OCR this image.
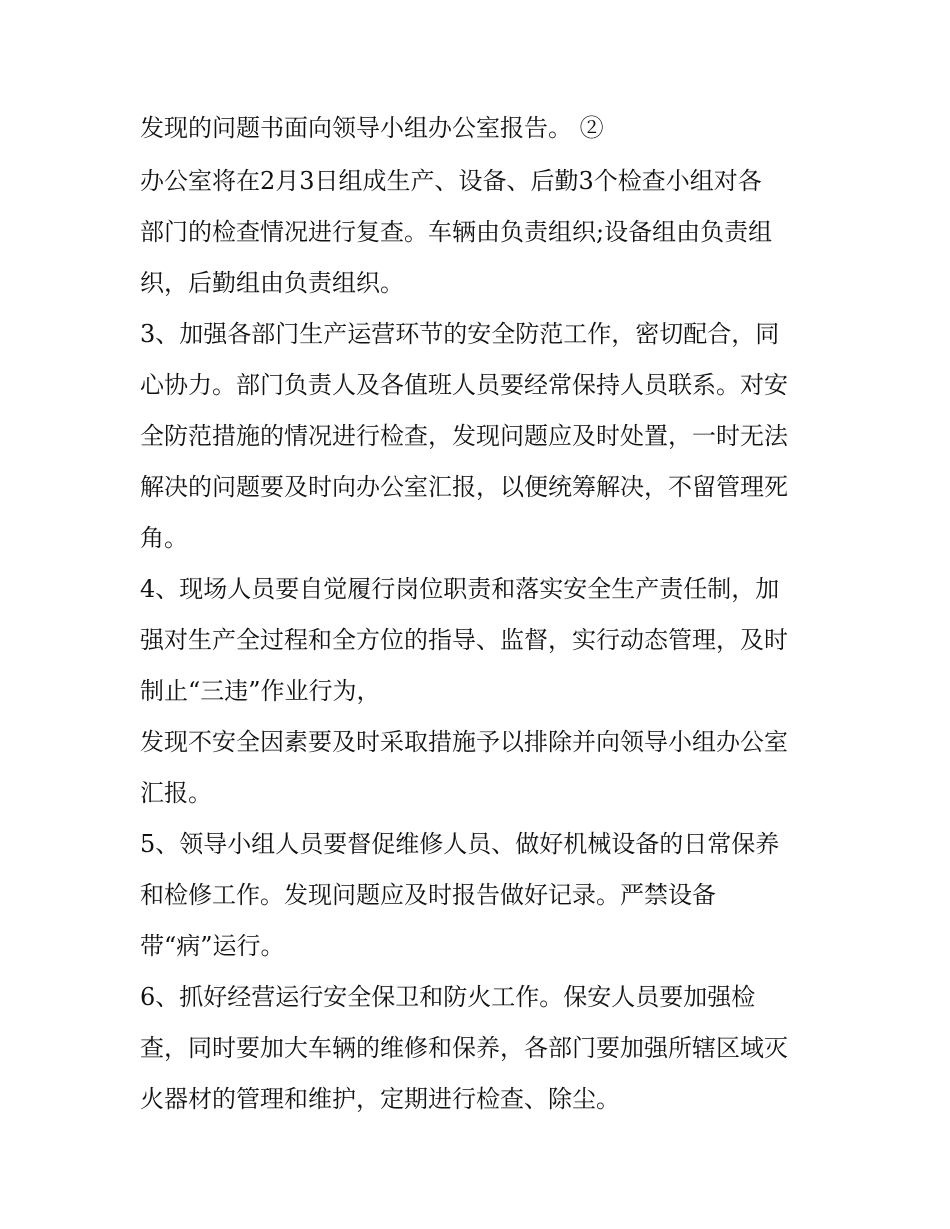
发现的问题书面向领导小组办公室报告。 ②
办公室将在2月3日组成生产、设备、后勤3个检查小组对各
部门的检查情况进行复查。车辆由负责组织;设备组由负责组
织，后勤组由负责组织。
3、加强各部门生产运营环节的安全防范工作，密切配合，同
心协力。部门负责人及各值班人员要经常保持人员联系。对安
全防范措施的情况进行检查，发现问题应及时处置，一时无法
解决的问题要及时向办公室汇报，以便统筹解决，不留管理死
角。
4、现场人员要自觉履行岗位职责和落实安全生产责任制，加
强对生产全过程和全方位的指导、监督，实行动态管理，及时
制止“三违”作业行为，
发现不安全因素要及时采取措施予以排除并向领导小组办公室
汇报。
5、领导小组人员要督促维修人员、做好机械设备的日常保养
和检修工作。发现问题应及时报告做好记录。严禁设备
带“病”运行。
6、抓好经营运行安全保卫和防火工作。保安人员要加强检
查，同时要加大车辆的维修和保养，各部门要加强所辖区域灭
火器材的管理和维护，定期进行检查、除尘。
